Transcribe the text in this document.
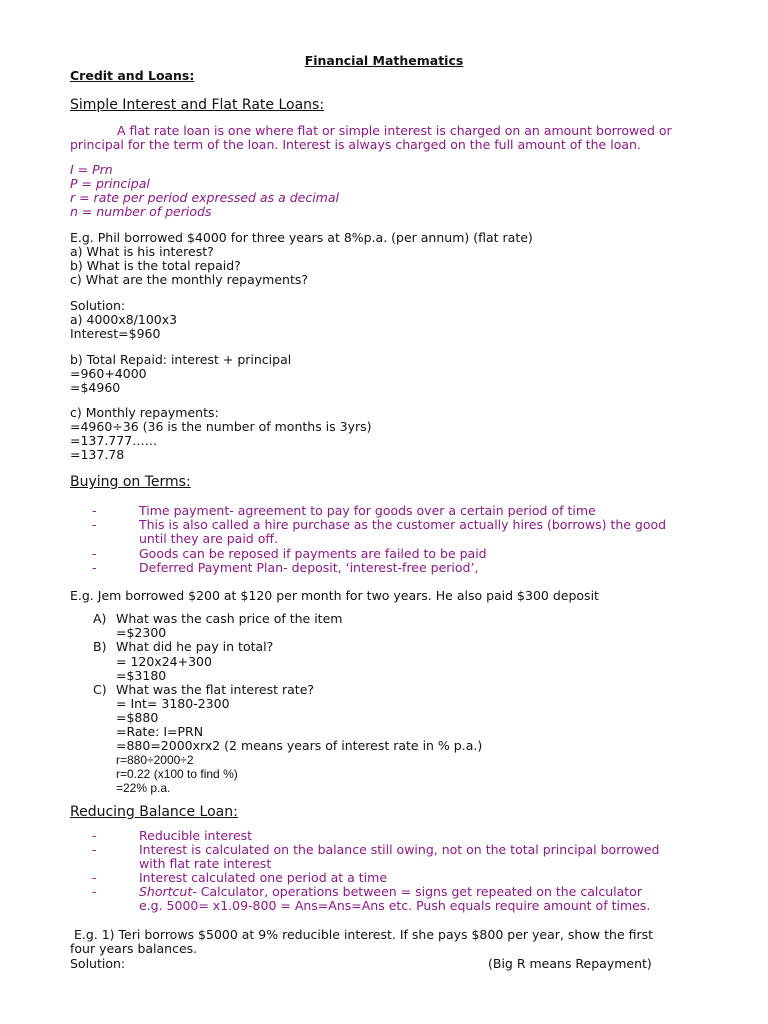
Financial Mathematics
Credit and Loans:
Simple Interest and Flat Rate Loans:
A flat rate loan is one where flat or simple interest is charged on an amount borrowed or
principal for the term of the loan. Interest is always charged on the full amount of the loan.
I = Prn
P = principal
r = rate per period expressed as a decimal
n = number of periods
E.g. Phil borrowed $4000 for three years at 8%p.a. (per annum) (flat rate)
a) What is his interest?
b) What is the total repaid?
c) What are the monthly repayments?
Solution:
a) 4000x8/100x3
Interest=$960
b) Total Repaid: interest + principal
=960+4000
=$4960
c) Monthly repayments:
=4960÷36 (36 is the number of months is 3yrs)
=137.777……
=137.78
Buying on Terms:
-	Time payment- agreement to pay for goods over a certain period of time
-	This is also called a hire purchase as the customer actually hires (borrows) the good
until they are paid off.
-	Goods can be reposed if payments are failed to be paid
-	Deferred Payment Plan- deposit, ‘interest-free period’,
E.g. Jem borrowed $200 at $120 per month for two years. He also paid $300 deposit
A) What was the cash price of the item
=$2300
B) What did he pay in total?
= 120x24+300
=$3180
C) What was the flat interest rate?
= Int= 3180-2300
=$880
=Rate: I=PRN
=880=2000xrx2 (2 means years of interest rate in % p.a.)
r=880÷2000÷2
r=0.22 (x100 to find %)
=22% p.a.
Reducing Balance Loan:
-	Reducible interest
-	Interest is calculated on the balance still owing, not on the total principal borrowed
with flat rate interest
-	Interest calculated one period at a time
-	Shortcut- Calculator, operations between = signs get repeated on the calculator
e.g. 5000= x1.09-800 = Ans=Ans=Ans etc. Push equals require amount of times.
E.g. 1) Teri borrows $5000 at 9% reducible interest. If she pays $800 per year, show the first
four years balances.
Solution:	(Big R means Repayment)
